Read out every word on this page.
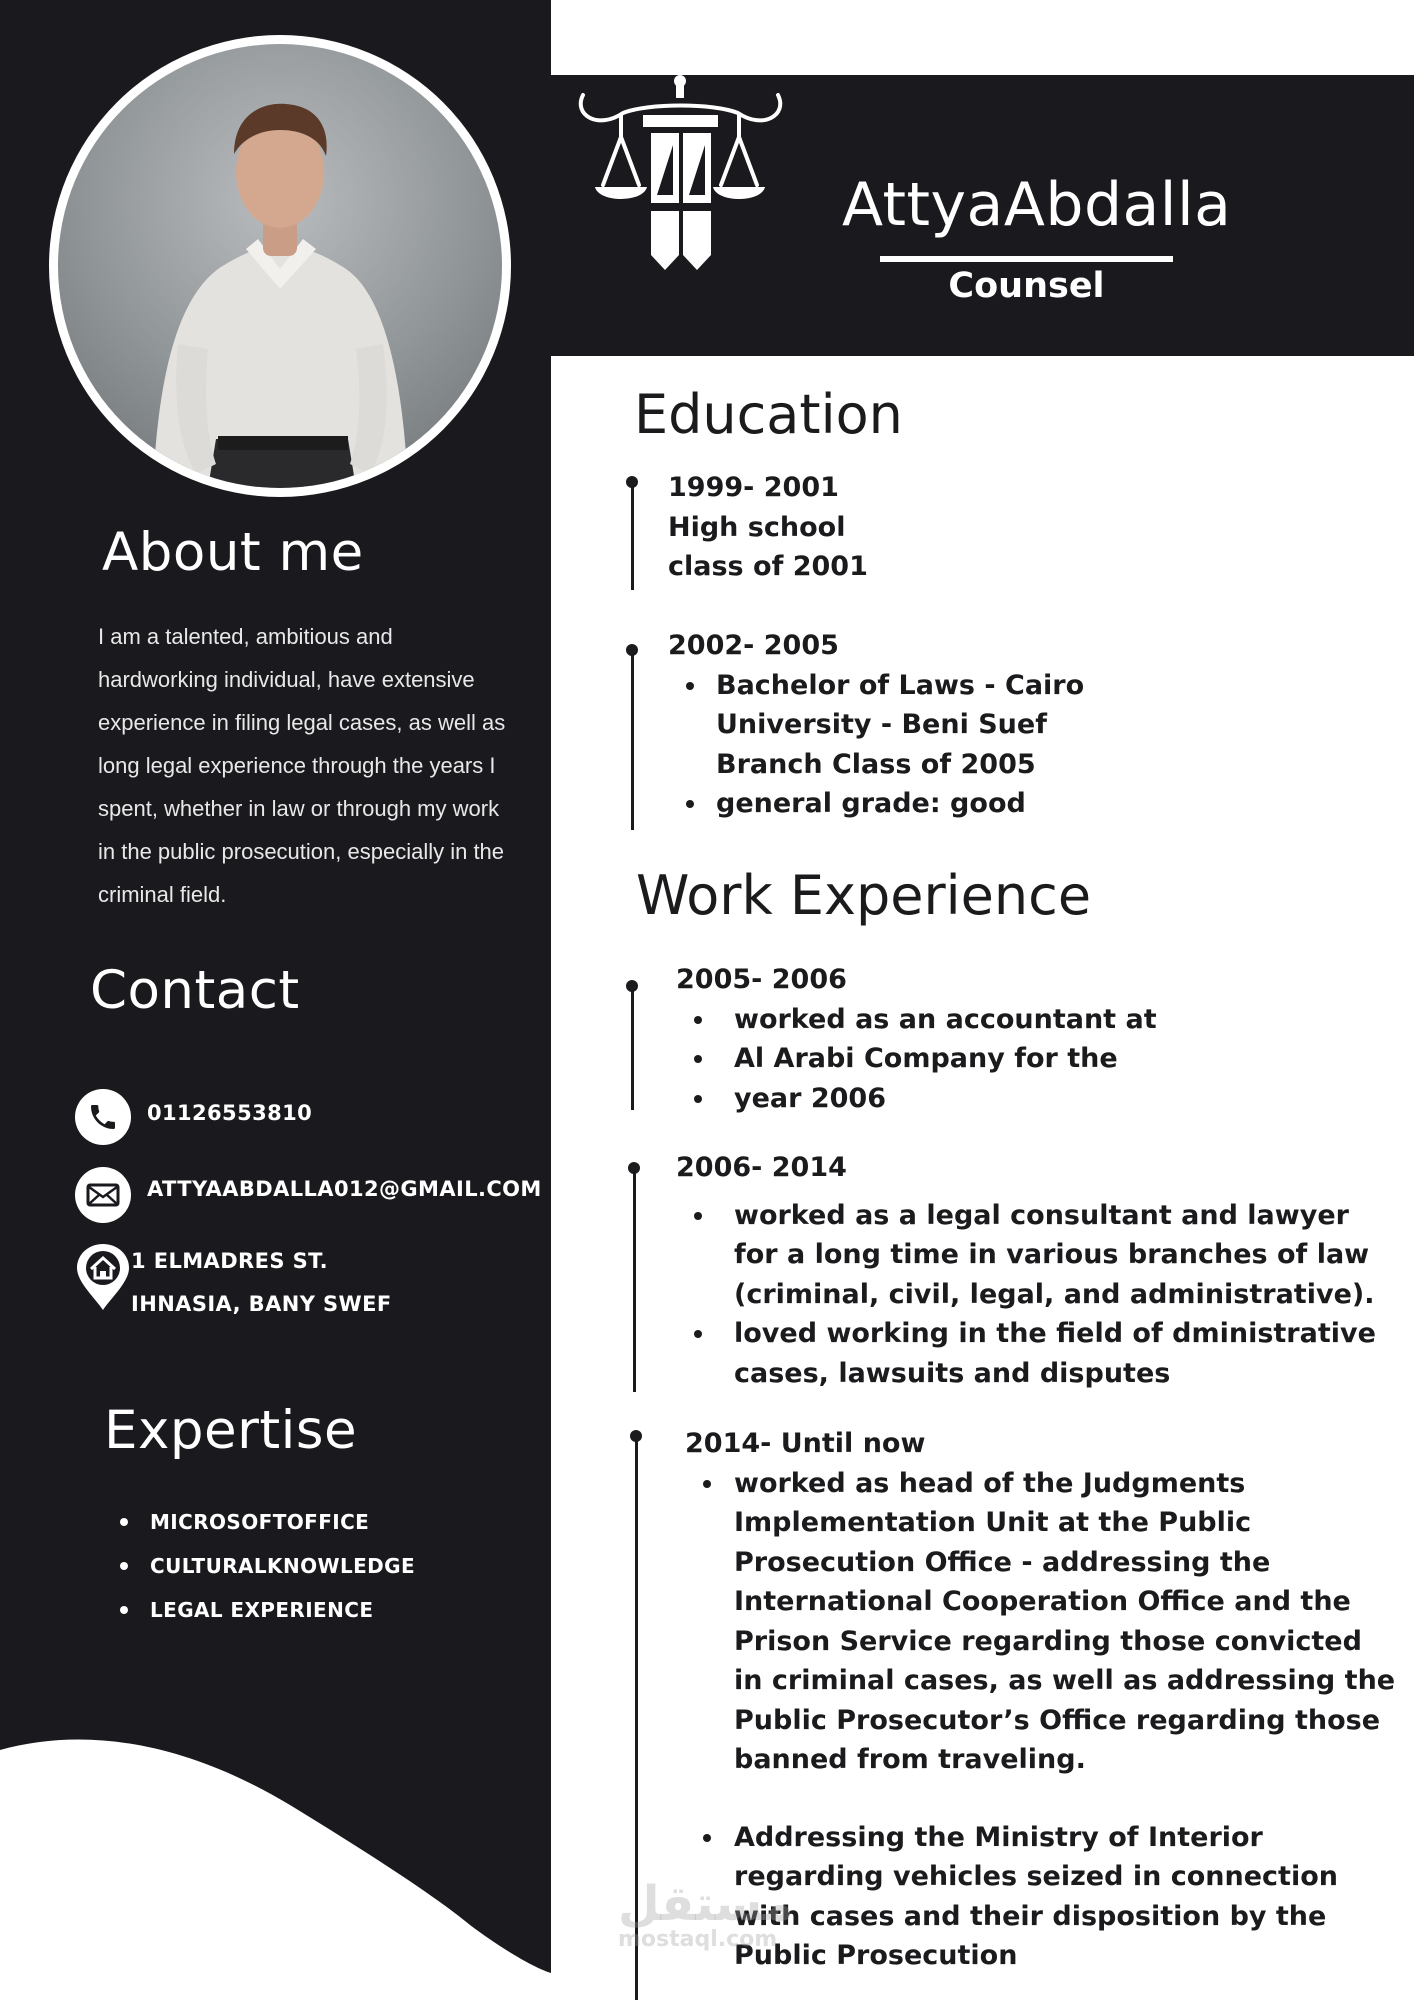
About me
I am a talented, ambitious and
hardworking individual, have extensive
experience in filing legal cases, as well as
long legal experience through the years I
spent, whether in law or through my work
in the public prosecution, especially in the
criminal field.
Contact
01126553810
ATTYAABDALLA012@GMAIL.COM
1 ELMADRES ST.
IHNASIA, BANY SWEF
Expertise
MICROSOFTOFFICE
CULTURALKNOWLEDGE
LEGAL EXPERIENCE
AttyaAbdalla
Counsel
Education
1999- 2001
High school
class of 2001
2002- 2005
Bachelor of Laws - Cairo
University - Beni Suef
Branch Class of 2005
general grade: good
Work Experience
2005- 2006
worked as an accountant at
Al Arabi Company for the
year 2006
2006- 2014
worked as a legal consultant and lawyer
for a long time in various branches of law
(criminal, civil, legal, and administrative).
loved working in the field of dministrative
cases, lawsuits and disputes
2014- Until now
worked as head of the Judgments
Implementation Unit at the Public
Prosecution Office - addressing the
International Cooperation Office and the
Prison Service regarding those convicted
in criminal cases, as well as addressing the
Public Prosecutor’s Office regarding those
banned from traveling.
Addressing the Ministry of Interior
regarding vehicles seized in connection
with cases and their disposition by the
Public Prosecution
مستقل
mostaql.com
